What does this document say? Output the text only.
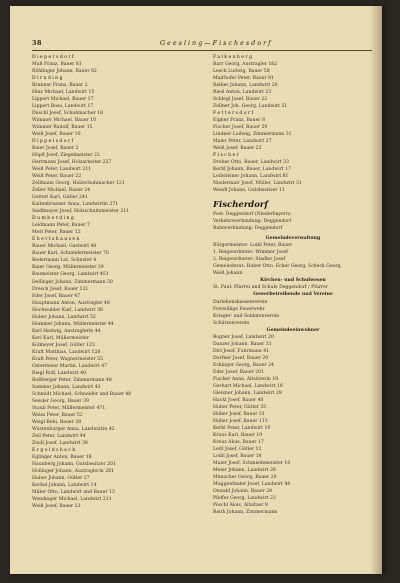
38	Geesling—Fischesdorf
Diepersdorf
Maß Franz, Bauer 81
Röhlinger Johann, Bauer 82
Dirnding
Brunner Franz, Bauer 2
Hinz Michael, Landwirt 15
Lippert Michael, Bauer 17
Lippert Rosa, Landwirt 17
Duschl Josef, Schuhmacher 18
Wimmer Michael, Bauer 10
Wimmer Rudolf, Bauer 15
Weiß Josef, Bauer 10
Dippelsdorf
Baier Josef, Bauer 2
Höpfl Josef, Ziegelmeister 22
Herrmann Josef, Holzarbeiter 227
Weiß Peter, Landwirt 211
Weiß Peter, Bauer 22
Zellmann Georg, Holzschuhmacher 121
Zeller Michael, Bauer 24
Gotteri Karl, Gütler 241
Kaltenbrunner Anna, Landwirtin 271
Seidlmayer Josef, Holzschnitzmeister 211
Dumberding
Leidmann Peter, Bauer 7
Merl Peter, Bauer 12
Ebertshausen
Bauer Michael, Gastwirt 40
Bauer Karl, Schneidermeister 70
Bedermann Lot, Schuster 4
Baier Georg, Müllermeister 39
Baumeister Georg, Landwirt 451
Dellinger Johann, Zimmermann 50
Dresch Josef, Bauer 121
Eder Josef, Bauer 47
Hauptmann Anton, Austragler 48
Hochwalder Karl, Landwirt 38
Huber Johann, Landwirt 52
Hummer Johann, Müllermeister 44
Kerl Hedwig, Austraglerin 44
Kerl Karl, Müllermeister
Kolmeyer Josef, Gütler 123
Kraft Matthias, Landwirt 128
Kraft Peter, Wagnermeister 55
Ostermeier Martin, Landwirt 47
Riegl Rolf, Landwirt 40
Roßberger Peter, Zimmermann 48
Sammer Johann, Landwirt 43
Schmidt Michael, Schneider und Bauer 48
Sessler Georg, Bauer 39
Staub Peter, Müllermeister 471
Weiss Peter, Bauer 52
Weigl Bebi, Bauer 38
Wüstenburger Anna, Landwirtin 42
Zeil Peter, Landwirt 44
Zeidl Josef, Landwirt 38
Ergoldsbach
Eglinger Anton, Bauer 18
Haunberg Johann, Gutsbesitzer 201
Hollinger Johann, Austraglerin 281
Huber Johann, Gütler 27
Kerbel Johann, Landwirt 14
Miller Otto, Landwirt und Bauer 13
Wendinger Michael, Landwirt 211
Weiß Josef, Bauer 23
Falkenberg
Barr Georg, Austragler 182
Lesch Ludwig, Bauer 58
Mairhofer Peter, Bauer 81
Reiber Johann, Landwirt 20
Riesl Anton, Landwirt 23
Schlegl Josef, Bauer 22
Zellner Joh. Georg, Landwirt 51
Fettersdorf
Eigner Franz, Bauer 8
Fischer Josef, Bauer 29
Lindner Ludwig, Zimmermann 31
Maier Peter, Landwirt 27
Weiß Josef, Bauer 22
Fischer
Dreher Otto, Bauer, Landwirt 33
Kerbl Johann, Bauer, Landwirt 17
Leibsteiner Johann, Landwirt 81
Niedermair Josef, Müller, Landwirt 31
Wendl Johann, Gutsbesitzer 11
Fischerdorf
Post: Deggendorf (Niederbayern)
Verkehrsverbindung: Deggendorf
Bahnverbindung: Deggendorf
Gemeindeverwaltung
Bürgermeister: Loibl Peter, Bauer
1. Beigeordneter: Wimmer Josef
2. Beigeordneter: Stadler Josef
Gemeinderat: Huber Otto, Ecker Georg, Scheck Georg,
Weiß Johann
Kirchen- und Schulwesen
St. Paul: Pfarrei und Schule Deggendorf / Pfarrer
Gewerbetreibende und Vereine
Darlehenskassenverein
Freiwillige Feuerwehr
Krieger- und Soldatenverein
Schützenverein
Gemeindeeinwohner
Bogner Josef, Landwirt 20
Danzer Johann, Bauer 31
Dirl Josef, Fuhrmann 41
Dorfner Josef, Bauer 20
Eckinger Georg, Bauer 24
Eder Josef, Bauer 201
Fischer Anna, Altsitzerin 19
Gerhart Michael, Landwirt 16
Gleixner Johann, Landwirt 29
Hackl Josef, Bauer 40
Huber Peter, Gütler 35
Huber Josef, Bauer 31
Huber Josef, Bauer 113
Kerbl Peter, Landwirt 10
Kraus Karl, Bauer 19
Kreuz Alois, Bauer 17
Leitl Josef, Gütler 12
Loibl Josef, Bauer 18
Maier Josef, Schmiedemeister 10
Meier Johann, Landwirt 26
Menacher Georg, Bauer 20
Muggenthaler Josef, Landwirt 44
Oswald Johann, Bauer 28
Pfeffer Georg, Landwirt 23
Pöschl Alois, Altsitzer 9
Reith Johann, Zimmermann
